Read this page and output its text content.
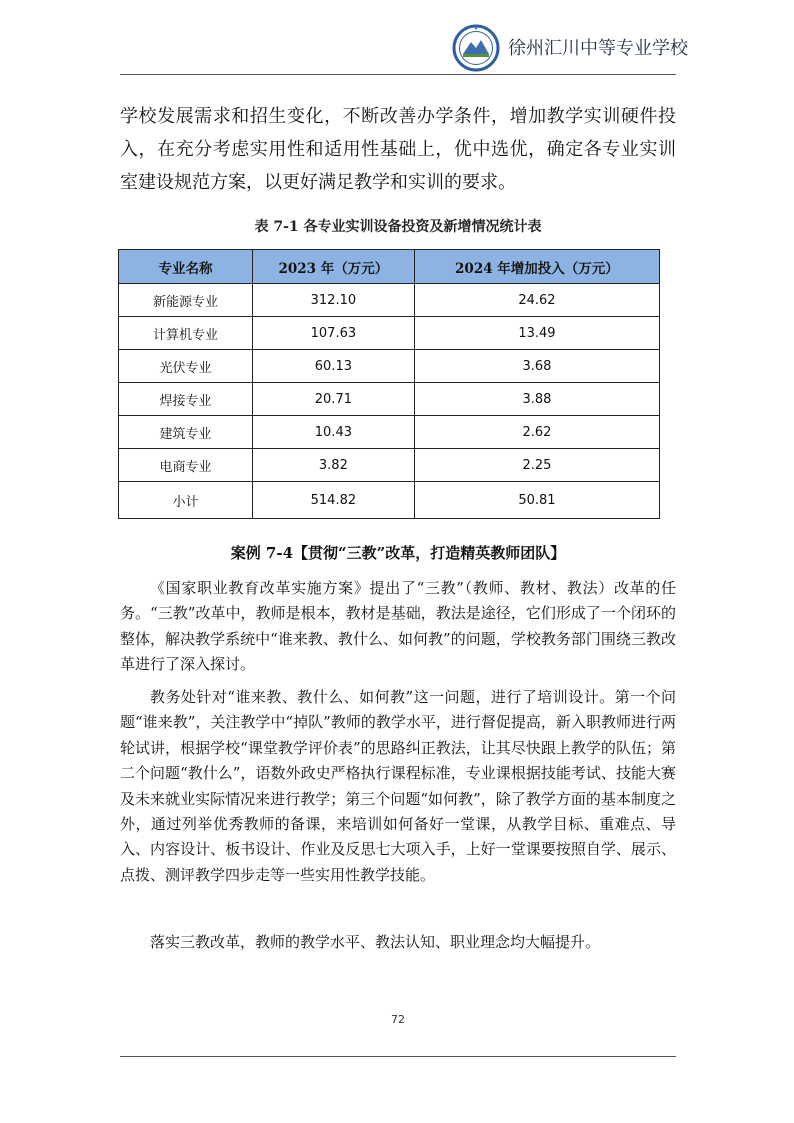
徐州汇川中等专业学校

学校发展需求和招生变化，不断改善办学条件，增加教学实训硬件投入，在充分考虑实用性和适用性基础上，优中选优，确定各专业实训室建设规范方案，以更好满足教学和实训的要求。

表 7-1 各专业实训设备投资及新增情况统计表
专业名称	2023 年（万元）	2024 年增加投入（万元）
新能源专业	312.10	24.62
计算机专业	107.63	13.49
光伏专业	60.13	3.68
焊接专业	20.71	3.88
建筑专业	10.43	2.62
电商专业	3.82	2.25
小计	514.82	50.81
案例 7-4【贯彻“三教”改革，打造精英教师团队】

《国家职业教育改革实施方案》提出了“三教”（教师、教材、教法）改革的任务。“三教”改革中，教师是根本，教材是基础，教法是途径，它们形成了一个闭环的整体，解决教学系统中“谁来教、教什么、如何教”的问题，学校教务部门围绕三教改革进行了深入探讨。

教务处针对“谁来教、教什么、如何教”这一问题，进行了培训设计。第一个问题“谁来教”，关注教学中“掉队”教师的教学水平，进行督促提高，新入职教师进行两轮试讲，根据学校“课堂教学评价表”的思路纠正教法，让其尽快跟上教学的队伍；第二个问题“教什么”，语数外政史严格执行课程标准，专业课根据技能考试、技能大赛及未来就业实际情况来进行教学；第三个问题“如何教”，除了教学方面的基本制度之外，通过列举优秀教师的备课，来培训如何备好一堂课，从教学目标、重难点、导入、内容设计、板书设计、作业及反思七大项入手，上好一堂课要按照自学、展示、点拨、测评教学四步走等一些实用性教学技能。

落实三教改革，教师的教学水平、教法认知、职业理念均大幅提升。

72
